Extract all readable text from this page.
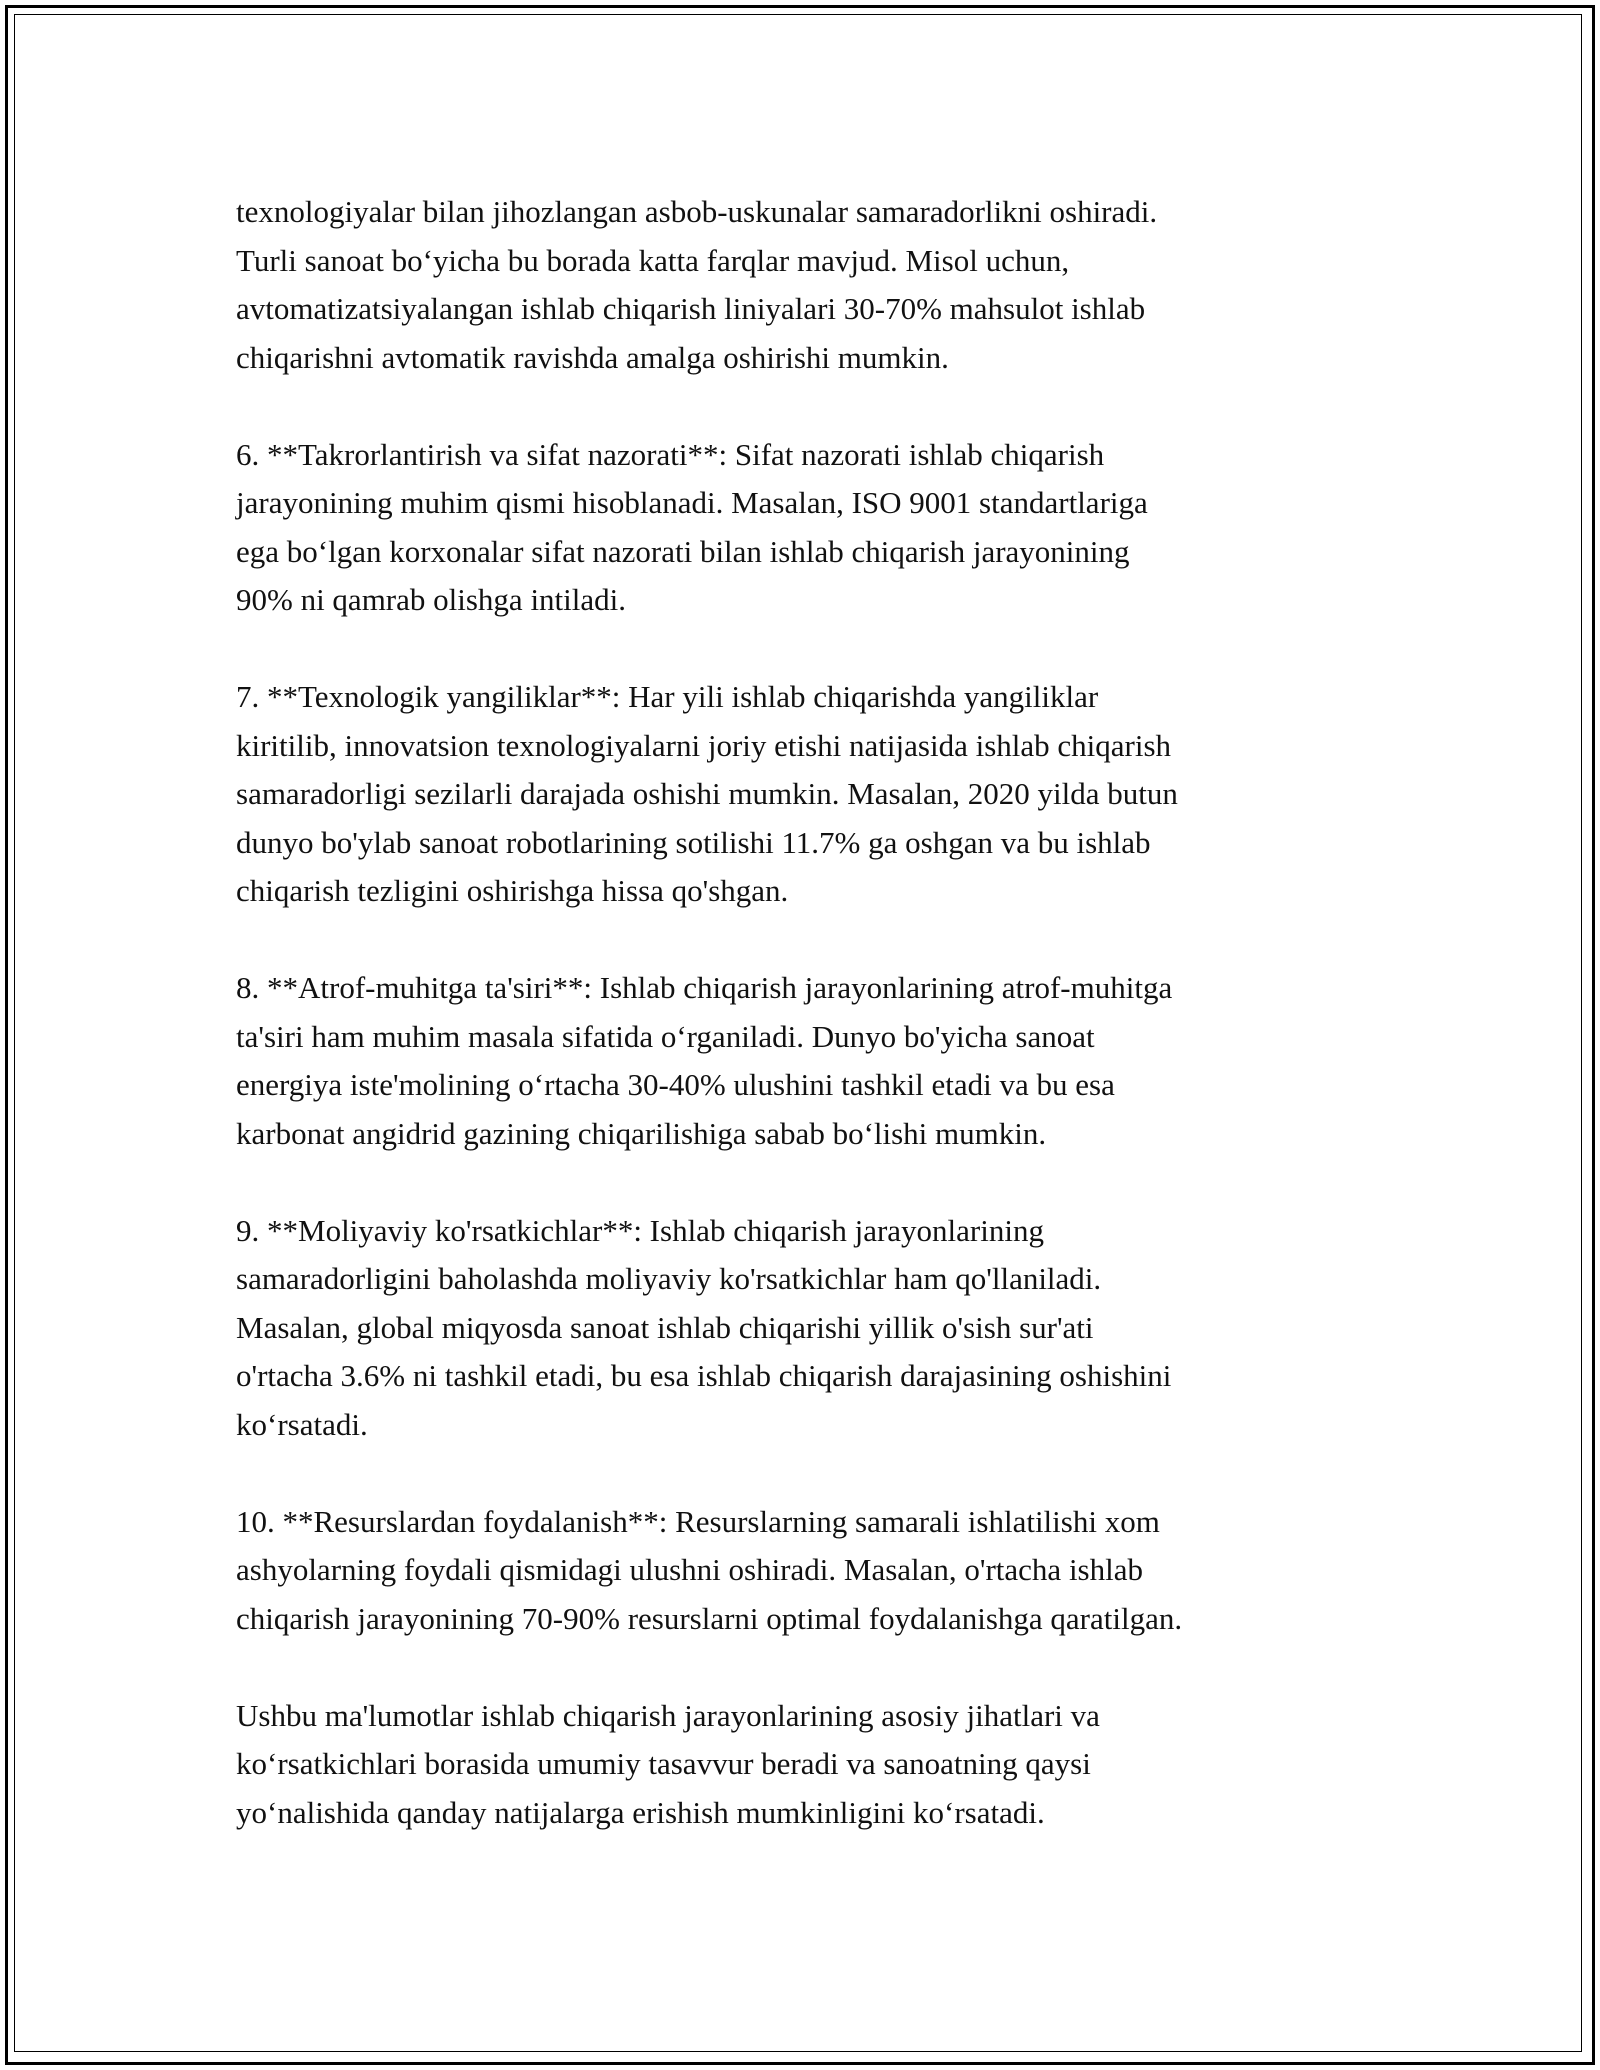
texnologiyalar bilan jihozlangan asbob-uskunalar samaradorlikni oshiradi.
Turli sanoat bo‘yicha bu borada katta farqlar mavjud. Misol uchun,
avtomatizatsiyalangan ishlab chiqarish liniyalari 30-70% mahsulot ishlab
chiqarishni avtomatik ravishda amalga oshirishi mumkin.

6. **Takrorlantirish va sifat nazorati**: Sifat nazorati ishlab chiqarish
jarayonining muhim qismi hisoblanadi. Masalan, ISO 9001 standartlariga
ega bo‘lgan korxonalar sifat nazorati bilan ishlab chiqarish jarayonining
90% ni qamrab olishga intiladi.

7. **Texnologik yangiliklar**: Har yili ishlab chiqarishda yangiliklar
kiritilib, innovatsion texnologiyalarni joriy etishi natijasida ishlab chiqarish
samaradorligi sezilarli darajada oshishi mumkin. Masalan, 2020 yilda butun
dunyo bo'ylab sanoat robotlarining sotilishi 11.7% ga oshgan va bu ishlab
chiqarish tezligini oshirishga hissa qo'shgan.

8. **Atrof-muhitga ta'siri**: Ishlab chiqarish jarayonlarining atrof-muhitga
ta'siri ham muhim masala sifatida o‘rganiladi. Dunyo bo'yicha sanoat
energiya iste'molining o‘rtacha 30-40% ulushini tashkil etadi va bu esa
karbonat angidrid gazining chiqarilishiga sabab bo‘lishi mumkin.

9. **Moliyaviy ko'rsatkichlar**: Ishlab chiqarish jarayonlarining
samaradorligini baholashda moliyaviy ko'rsatkichlar ham qo'llaniladi.
Masalan, global miqyosda sanoat ishlab chiqarishi yillik o'sish sur'ati
o'rtacha 3.6% ni tashkil etadi, bu esa ishlab chiqarish darajasining oshishini
ko‘rsatadi.

10. **Resurslardan foydalanish**: Resurslarning samarali ishlatilishi xom
ashyolarning foydali qismidagi ulushni oshiradi. Masalan, o'rtacha ishlab
chiqarish jarayonining 70-90% resurslarni optimal foydalanishga qaratilgan.

Ushbu ma'lumotlar ishlab chiqarish jarayonlarining asosiy jihatlari va
ko‘rsatkichlari borasida umumiy tasavvur beradi va sanoatning qaysi
yo‘nalishida qanday natijalarga erishish mumkinligini ko‘rsatadi.
